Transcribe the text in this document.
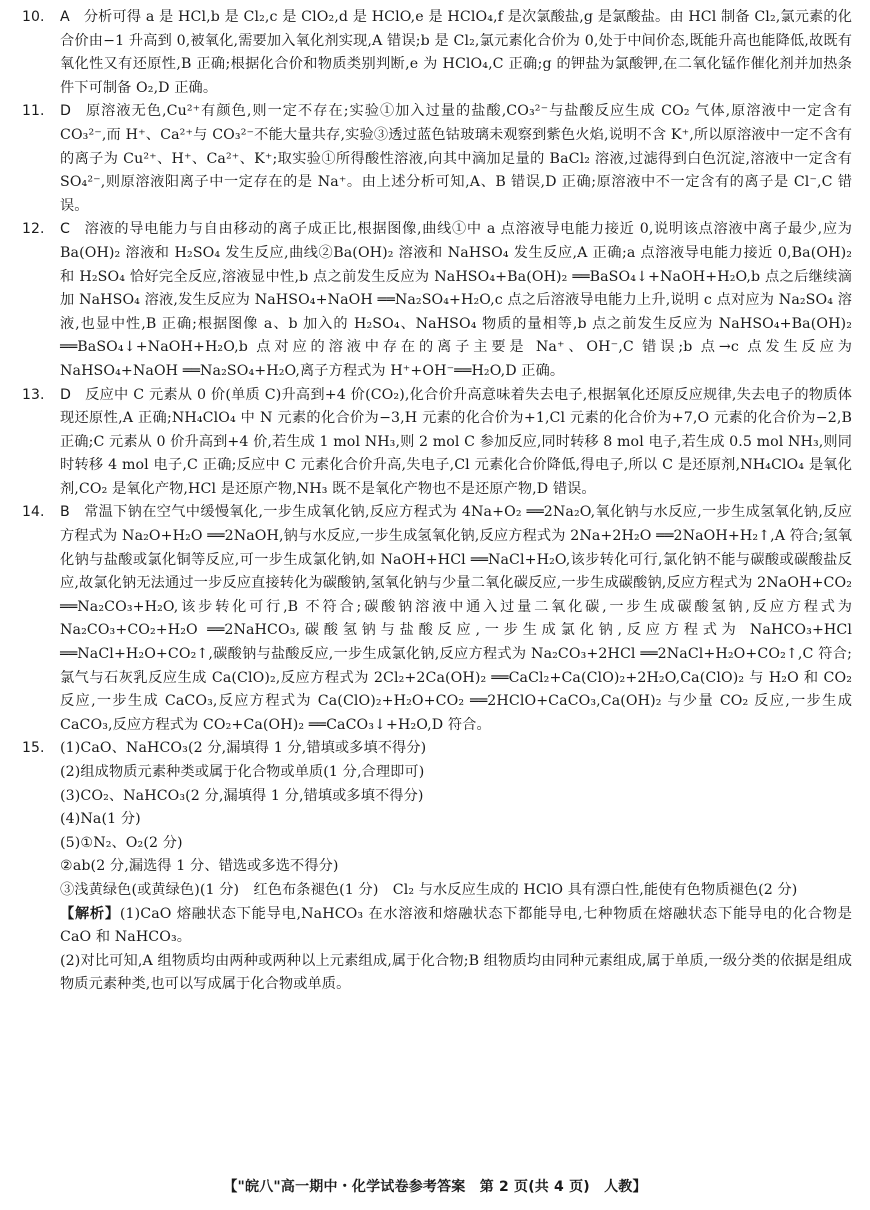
10.	A 分析可得 a 是 HCl,b 是 Cl₂,c 是 ClO₂,d 是 HClO,e 是 HClO₄,f 是次氯酸盐,g 是氯酸盐。由 HCl 制备 Cl₂,氯元素的化合价由−1 升高到 0,被氧化,需要加入氧化剂实现,A 错误;b 是 Cl₂,氯元素化合价为 0,处于中间价态,既能升高也能降低,故既有氧化性又有还原性,B 正确;根据化合价和物质类别判断,e 为 HClO₄,C 正确;g 的钾盐为氯酸钾,在二氧化锰作催化剂并加热条件下可制备 O₂,D 正确。
11.	D 原溶液无色,Cu²⁺有颜色,则一定不存在;实验①加入过量的盐酸,CO₃²⁻与盐酸反应生成 CO₂ 气体,原溶液中一定含有 CO₃²⁻,而 H⁺、Ca²⁺与 CO₃²⁻不能大量共存,实验③透过蓝色钴玻璃未观察到紫色火焰,说明不含 K⁺,所以原溶液中一定不含有的离子为 Cu²⁺、H⁺、Ca²⁺、K⁺;取实验①所得酸性溶液,向其中滴加足量的 BaCl₂ 溶液,过滤得到白色沉淀,溶液中一定含有 SO₄²⁻,则原溶液阳离子中一定存在的是 Na⁺。由上述分析可知,A、B 错误,D 正确;原溶液中不一定含有的离子是 Cl⁻,C 错误。
12.	C 溶液的导电能力与自由移动的离子成正比,根据图像,曲线①中 a 点溶液导电能力接近 0,说明该点溶液中离子最少,应为 Ba(OH)₂ 溶液和 H₂SO₄ 发生反应,曲线②Ba(OH)₂ 溶液和 NaHSO₄ 发生反应,A 正确;a 点溶液导电能力接近 0,Ba(OH)₂ 和 H₂SO₄ 恰好完全反应,溶液显中性,b 点之前发生反应为 NaHSO₄+Ba(OH)₂ ══BaSO₄↓+NaOH+H₂O,b 点之后继续滴加 NaHSO₄ 溶液,发生反应为 NaHSO₄+NaOH ══Na₂SO₄+H₂O,c 点之后溶液导电能力上升,说明 c 点对应为 Na₂SO₄ 溶液,也显中性,B 正确;根据图像 a、b 加入的 H₂SO₄、NaHSO₄ 物质的量相等,b 点之前发生反应为 NaHSO₄+Ba(OH)₂ ══BaSO₄↓+NaOH+H₂O,b 点对应的溶液中存在的离子主要是 Na⁺、OH⁻,C 错误;b 点→c 点发生反应为 NaHSO₄+NaOH ══Na₂SO₄+H₂O,离子方程式为 H⁺+OH⁻══H₂O,D 正确。
13.	D 反应中 C 元素从 0 价(单质 C)升高到+4 价(CO₂),化合价升高意味着失去电子,根据氧化还原反应规律,失去电子的物质体现还原性,A 正确;NH₄ClO₄ 中 N 元素的化合价为−3,H 元素的化合价为+1,Cl 元素的化合价为+7,O 元素的化合价为−2,B 正确;C 元素从 0 价升高到+4 价,若生成 1 mol NH₃,则 2 mol C 参加反应,同时转移 8 mol 电子,若生成 0.5 mol NH₃,则同时转移 4 mol 电子,C 正确;反应中 C 元素化合价升高,失电子,Cl 元素化合价降低,得电子,所以 C 是还原剂,NH₄ClO₄ 是氧化剂,CO₂ 是氧化产物,HCl 是还原产物,NH₃ 既不是氧化产物也不是还原产物,D 错误。
14.	B 常温下钠在空气中缓慢氧化,一步生成氧化钠,反应方程式为 4Na+O₂ ══2Na₂O,氧化钠与水反应,一步生成氢氧化钠,反应方程式为 Na₂O+H₂O ══2NaOH,钠与水反应,一步生成氢氧化钠,反应方程式为 2Na+2H₂O ══2NaOH+H₂↑,A 符合;氢氧化钠与盐酸或氯化铜等反应,可一步生成氯化钠,如 NaOH+HCl ══NaCl+H₂O,该步转化可行,氯化钠不能与碳酸或碳酸盐反应,故氯化钠无法通过一步反应直接转化为碳酸钠,氢氧化钠与少量二氧化碳反应,一步生成碳酸钠,反应方程式为 2NaOH+CO₂ ══Na₂CO₃+H₂O,该步转化可行,B 不符合;碳酸钠溶液中通入过量二氧化碳,一步生成碳酸氢钠,反应方程式为 Na₂CO₃+CO₂+H₂O ══2NaHCO₃,碳酸氢钠与盐酸反应,一步生成氯化钠,反应方程式为 NaHCO₃+HCl ══NaCl+H₂O+CO₂↑,碳酸钠与盐酸反应,一步生成氯化钠,反应方程式为 Na₂CO₃+2HCl ══2NaCl+H₂O+CO₂↑,C 符合;氯气与石灰乳反应生成 Ca(ClO)₂,反应方程式为 2Cl₂+2Ca(OH)₂ ══CaCl₂+Ca(ClO)₂+2H₂O,Ca(ClO)₂ 与 H₂O 和 CO₂ 反应,一步生成 CaCO₃,反应方程式为 Ca(ClO)₂+H₂O+CO₂ ══2HClO+CaCO₃,Ca(OH)₂ 与少量 CO₂ 反应,一步生成 CaCO₃,反应方程式为 CO₂+Ca(OH)₂ ══CaCO₃↓+H₂O,D 符合。
15.	(1)CaO、NaHCO₃(2 分,漏填得 1 分,错填或多填不得分)

(2)组成物质元素种类或属于化合物或单质(1 分,合理即可)

(3)CO₂、NaHCO₃(2 分,漏填得 1 分,错填或多填不得分)

(4)Na(1 分)

(5)①N₂、O₂(2 分)

②ab(2 分,漏选得 1 分、错选或多选不得分)

③浅黄绿色(或黄绿色)(1 分)　红色布条褪色(1 分)　Cl₂ 与水反应生成的 HClO 具有漂白性,能使有色物质褪色(2 分)

【解析】(1)CaO 熔融状态下能导电,NaHCO₃ 在水溶液和熔融状态下都能导电,七种物质在熔融状态下能导电的化合物是 CaO 和 NaHCO₃。

(2)对比可知,A 组物质均由两种或两种以上元素组成,属于化合物;B 组物质均由同种元素组成,属于单质,一级分类的依据是组成物质元素种类,也可以写成属于化合物或单质。

【"皖八"高一期中・化学试卷参考答案　第 2 页(共 4 页)　人教】
